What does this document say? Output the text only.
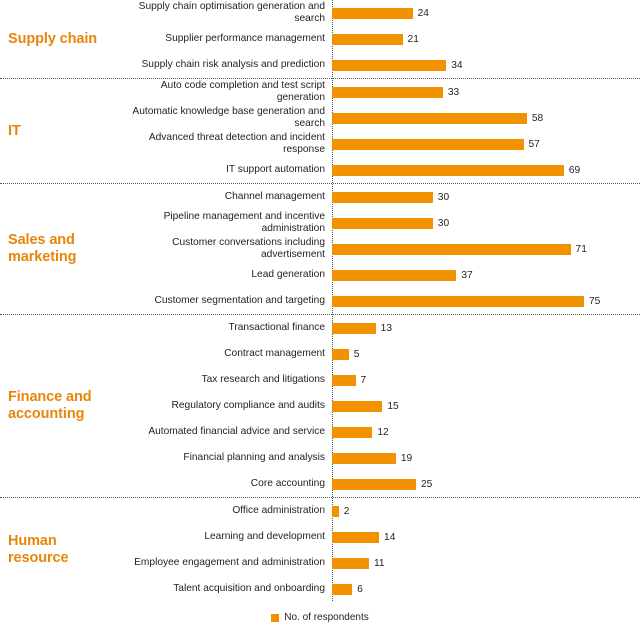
Supply chain
Supply chain optimisation generation and search	24
Supplier performance management	21
Supply chain risk analysis and prediction	34
IT
Auto code completion and test script generation	33
Automatic knowledge base generation and search	58
Advanced threat detection and incident response	57
IT support automation	69
Sales and marketing
Channel management	30
Pipeline management and incentive administration	30
Customer conversations including advertisement	71
Lead generation	37
Customer segmentation and targeting	75
Finance and accounting
Transactional finance	13
Contract management	5
Tax research and litigations	7
Regulatory compliance and audits	15
Automated financial advice and service	12
Financial planning and analysis	19
Core accounting	25
Human resource
Office administration	2
Learning and development	14
Employee engagement and administration	11
Talent acquisition and onboarding	6
No. of respondents
